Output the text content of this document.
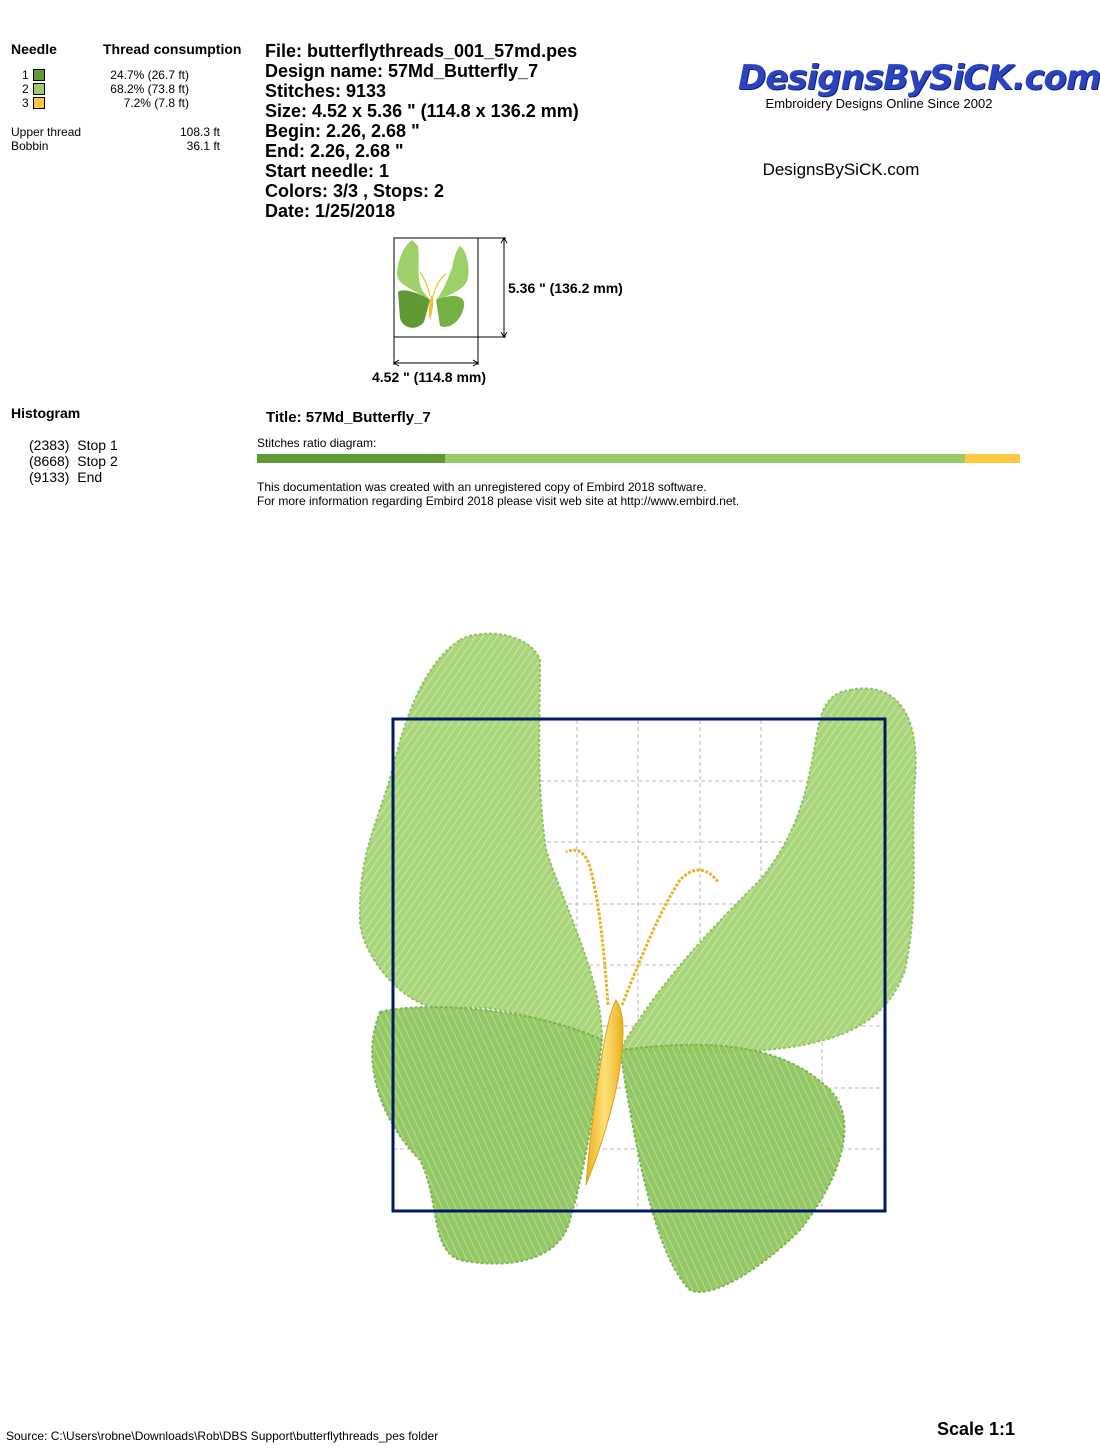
Needle	Thread consumption
1	24.7% (26.7 ft)
2	68.2% (73.8 ft)
3	7.2% (7.8 ft)
Upper thread	108.3 ft
Bobbin	36.1 ft
File: butterflythreads_001_57md.pes
Design name: 57Md_Butterfly_7
Stitches: 9133
Size: 4.52 x 5.36 " (114.8 x 136.2 mm)
Begin: 2.26, 2.68 "
End: 2.26, 2.68 "
Start needle: 1
Colors: 3/3 , Stops: 2
Date: 1/25/2018
DesignsBySiCK.com
Embroidery Designs Online Since 2002
DesignsBySiCK.com
5.36 " (136.2 mm)
4.52 " (114.8 mm)
Histogram
(2383) Stop 1
(8668) Stop 2
(9133) End
Title: 57Md_Butterfly_7
Stitches ratio diagram:
This documentation was created with an unregistered copy of Embird 2018 software.
For more information regarding Embird 2018 please visit web site at http://www.embird.net.
Source: C:\Users\robne\Downloads\Rob\DBS Support\butterflythreads_pes folder	Scale 1:1
